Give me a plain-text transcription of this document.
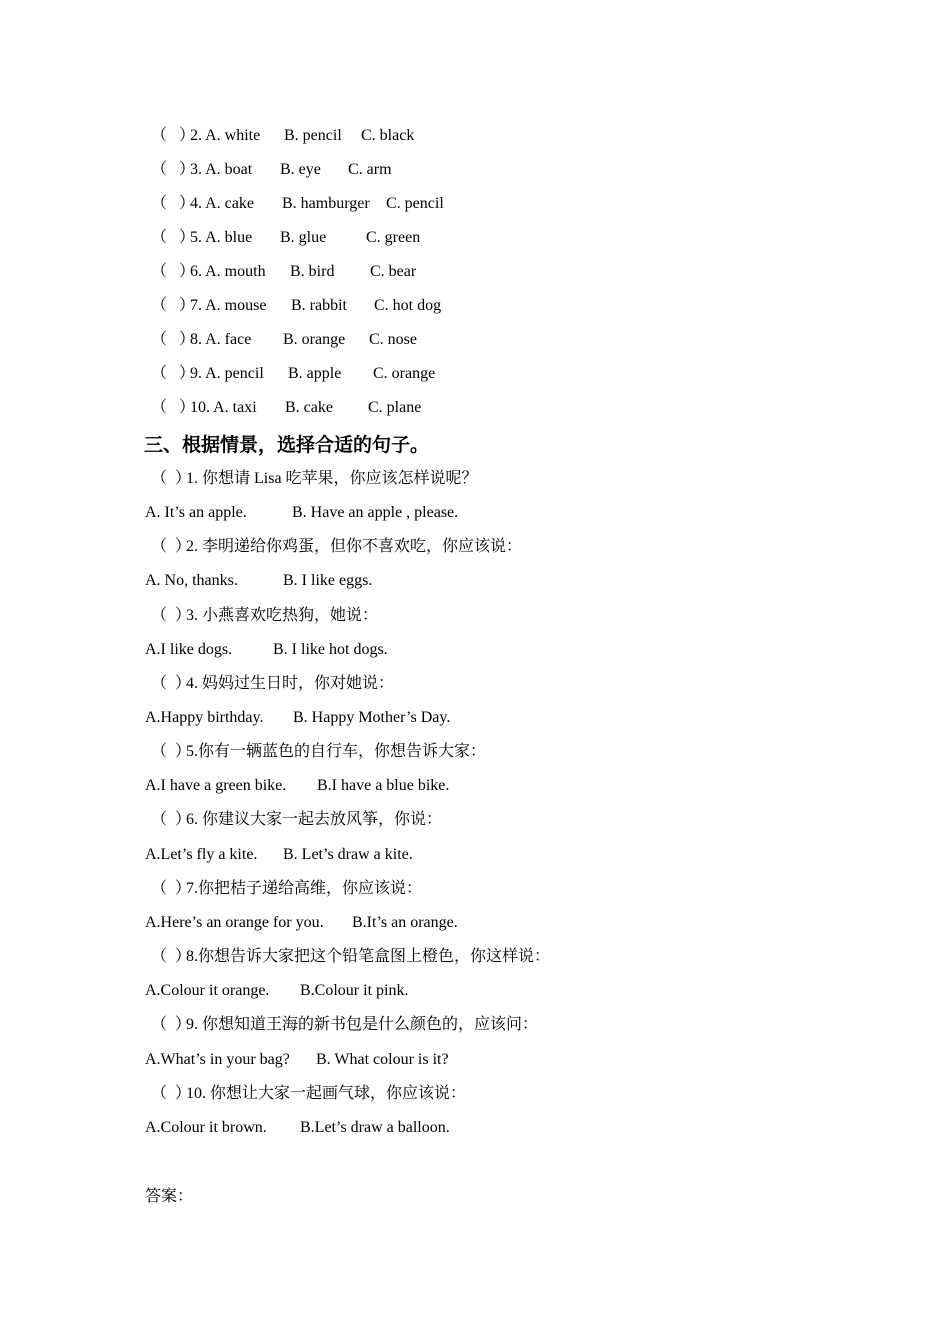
（   ）

2. A. white

B. pencil

C. black

（   ）

3. A. boat

B. eye

C. arm

（   ）

4. A. cake

B. hamburger

C. pencil

（   ）

5. A. blue

B. glue

C. green

（   ）

6. A. mouth

B. bird

C. bear

（   ）

7. A. mouse

B. rabbit

C. hot dog

（   ）

8. A. face

B. orange

C. nose

（   ）

9. A. pencil

B. apple

C. orange

（   ）

10. A. taxi

B. cake

C. plane

三、根据情景，选择合适的句子。

（  ）

1. 你想请 Lisa 吃苹果，你应该怎样说呢？

A. It’s an apple.

	B. Have an apple , please.

（  ）

2. 李明递给你鸡蛋，但你不喜欢吃，你应该说：

A. No, thanks.

	B. I like eggs.

（  ）

3. 小燕喜欢吃热狗，她说：

A.I like dogs.

	B. I like hot dogs.

（  ）

4. 妈妈过生日时，你对她说：

A.Happy birthday.

B. Happy Mother’s Day.

（  ）

5.你有一辆蓝色的自行车，你想告诉大家：

A.I have a green bike.

B.I have a blue bike.

（  ）

6. 你建议大家一起去放风筝，你说：

A.Let’s fly a kite.

B. Let’s draw a kite.

（  ）

7.你把桔子递给高维，你应该说：

A.Here’s an orange for you.

B.It’s an orange.

（  ）

8.你想告诉大家把这个铅笔盒图上橙色，你这样说：

A.Colour it orange.

B.Colour it pink.

（  ）

9. 你想知道王海的新书包是什么颜色的，应该问：

A.What’s in your bag?

B. What colour is it?

（  ）

10. 你想让大家一起画气球，你应该说：

A.Colour it brown.

B.Let’s draw a balloon.

答案：
